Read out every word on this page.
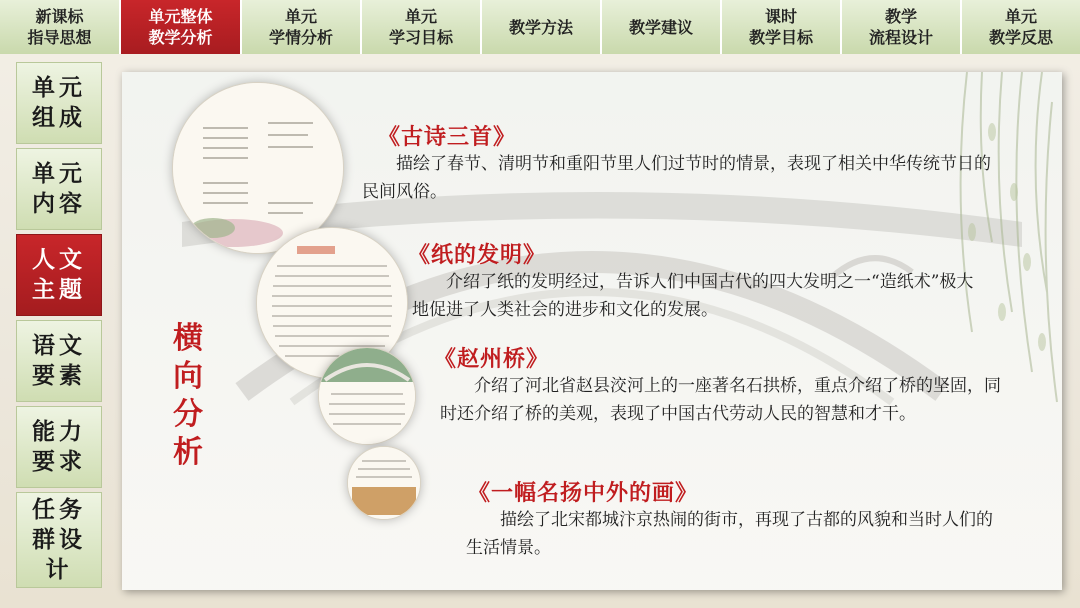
新课标
指导思想
单元整体
教学分析
单元
学情分析
单元
学习目标
教学方法	教学建议
课时
教学目标
教学
流程设计
单元
教学反思
单元
组成
单元
内容
人文
主题
语文
要素
能力
要求
任务
群设
计
横
向
分
析
《古诗三首》
描绘了春节、清明节和重阳节里人们过节时的情景，表现了相关中华传统节日的民间风俗。
《纸的发明》
介绍了纸的发明经过，告诉人们中国古代的四大发明之一“造纸术”极大地促进了人类社会的进步和文化的发展。
《赵州桥》
介绍了河北省赵县洨河上的一座著名石拱桥，重点介绍了桥的坚固，同时还介绍了桥的美观，表现了中国古代劳动人民的智慧和才干。
《一幅名扬中外的画》
描绘了北宋都城汴京热闹的街市，再现了古都的风貌和当时人们的生活情景。
